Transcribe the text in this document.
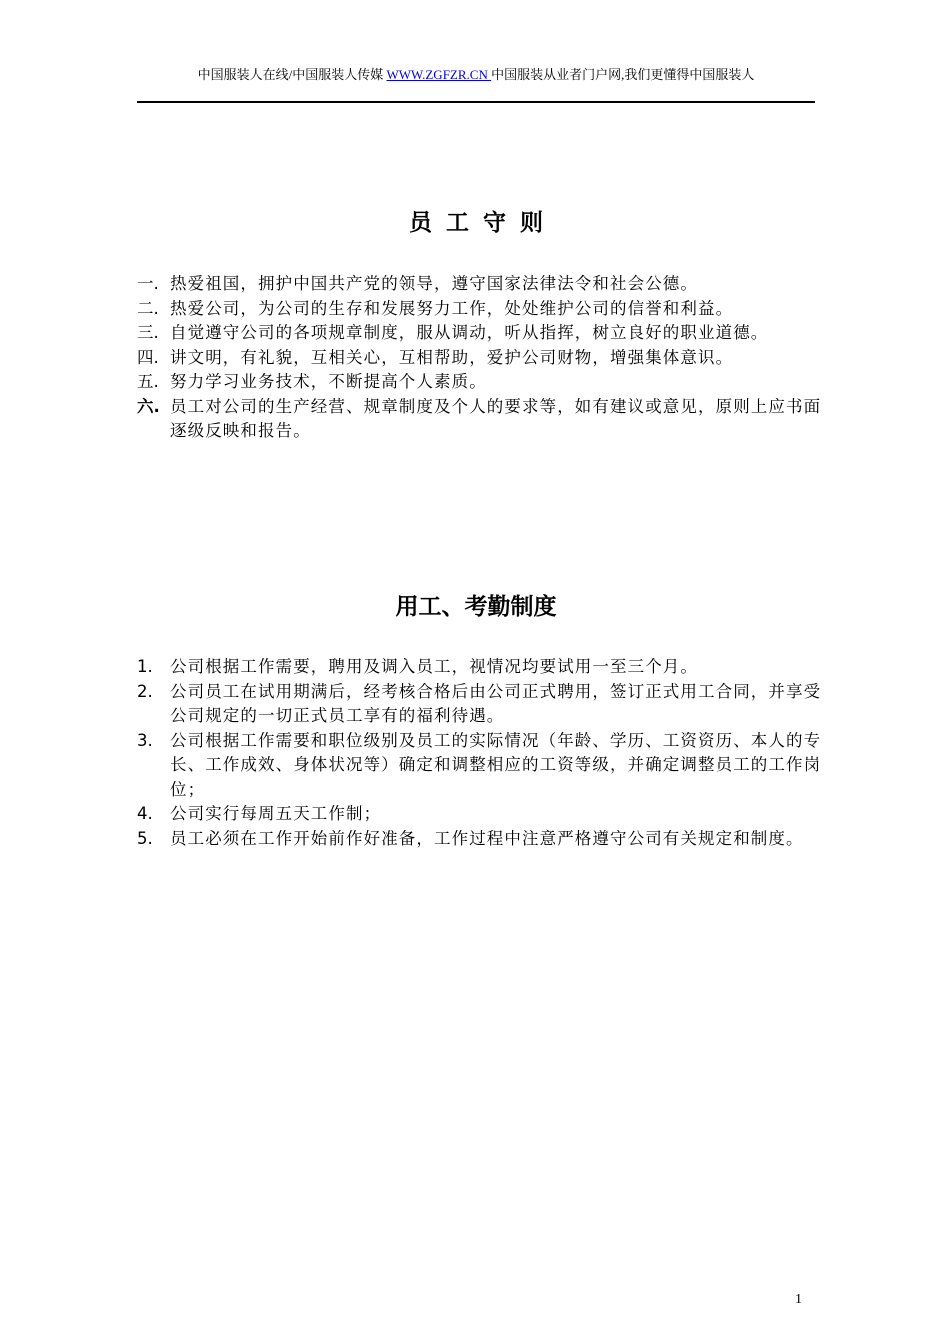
中国服装人在线/中国服装人传媒 WWW.ZGFZR.CN 中国服装从业者门户网,我们更懂得中国服装人
员工守则
一. 热爱祖国，拥护中国共产党的领导，遵守国家法律法令和社会公德。
二. 热爱公司，为公司的生存和发展努力工作，处处维护公司的信誉和利益。
三. 自觉遵守公司的各项规章制度，服从调动，听从指挥，树立良好的职业道德。
四. 讲文明，有礼貌，互相关心，互相帮助，爱护公司财物，增强集体意识。
五. 努力学习业务技术，不断提高个人素质。
六. 员工对公司的生产经营、规章制度及个人的要求等，如有建议或意见，原则上应书面逐级反映和报告。
用工、考勤制度
1. 公司根据工作需要，聘用及调入员工，视情况均要试用一至三个月。
2. 公司员工在试用期满后，经考核合格后由公司正式聘用，签订正式用工合同，并享受公司规定的一切正式员工享有的福利待遇。
3. 公司根据工作需要和职位级别及员工的实际情况（年龄、学历、工资资历、本人的专长、工作成效、身体状况等）确定和调整相应的工资等级，并确定调整员工的工作岗位；
4. 公司实行每周五天工作制；
5. 员工必须在工作开始前作好准备，工作过程中注意严格遵守公司有关规定和制度。
1
